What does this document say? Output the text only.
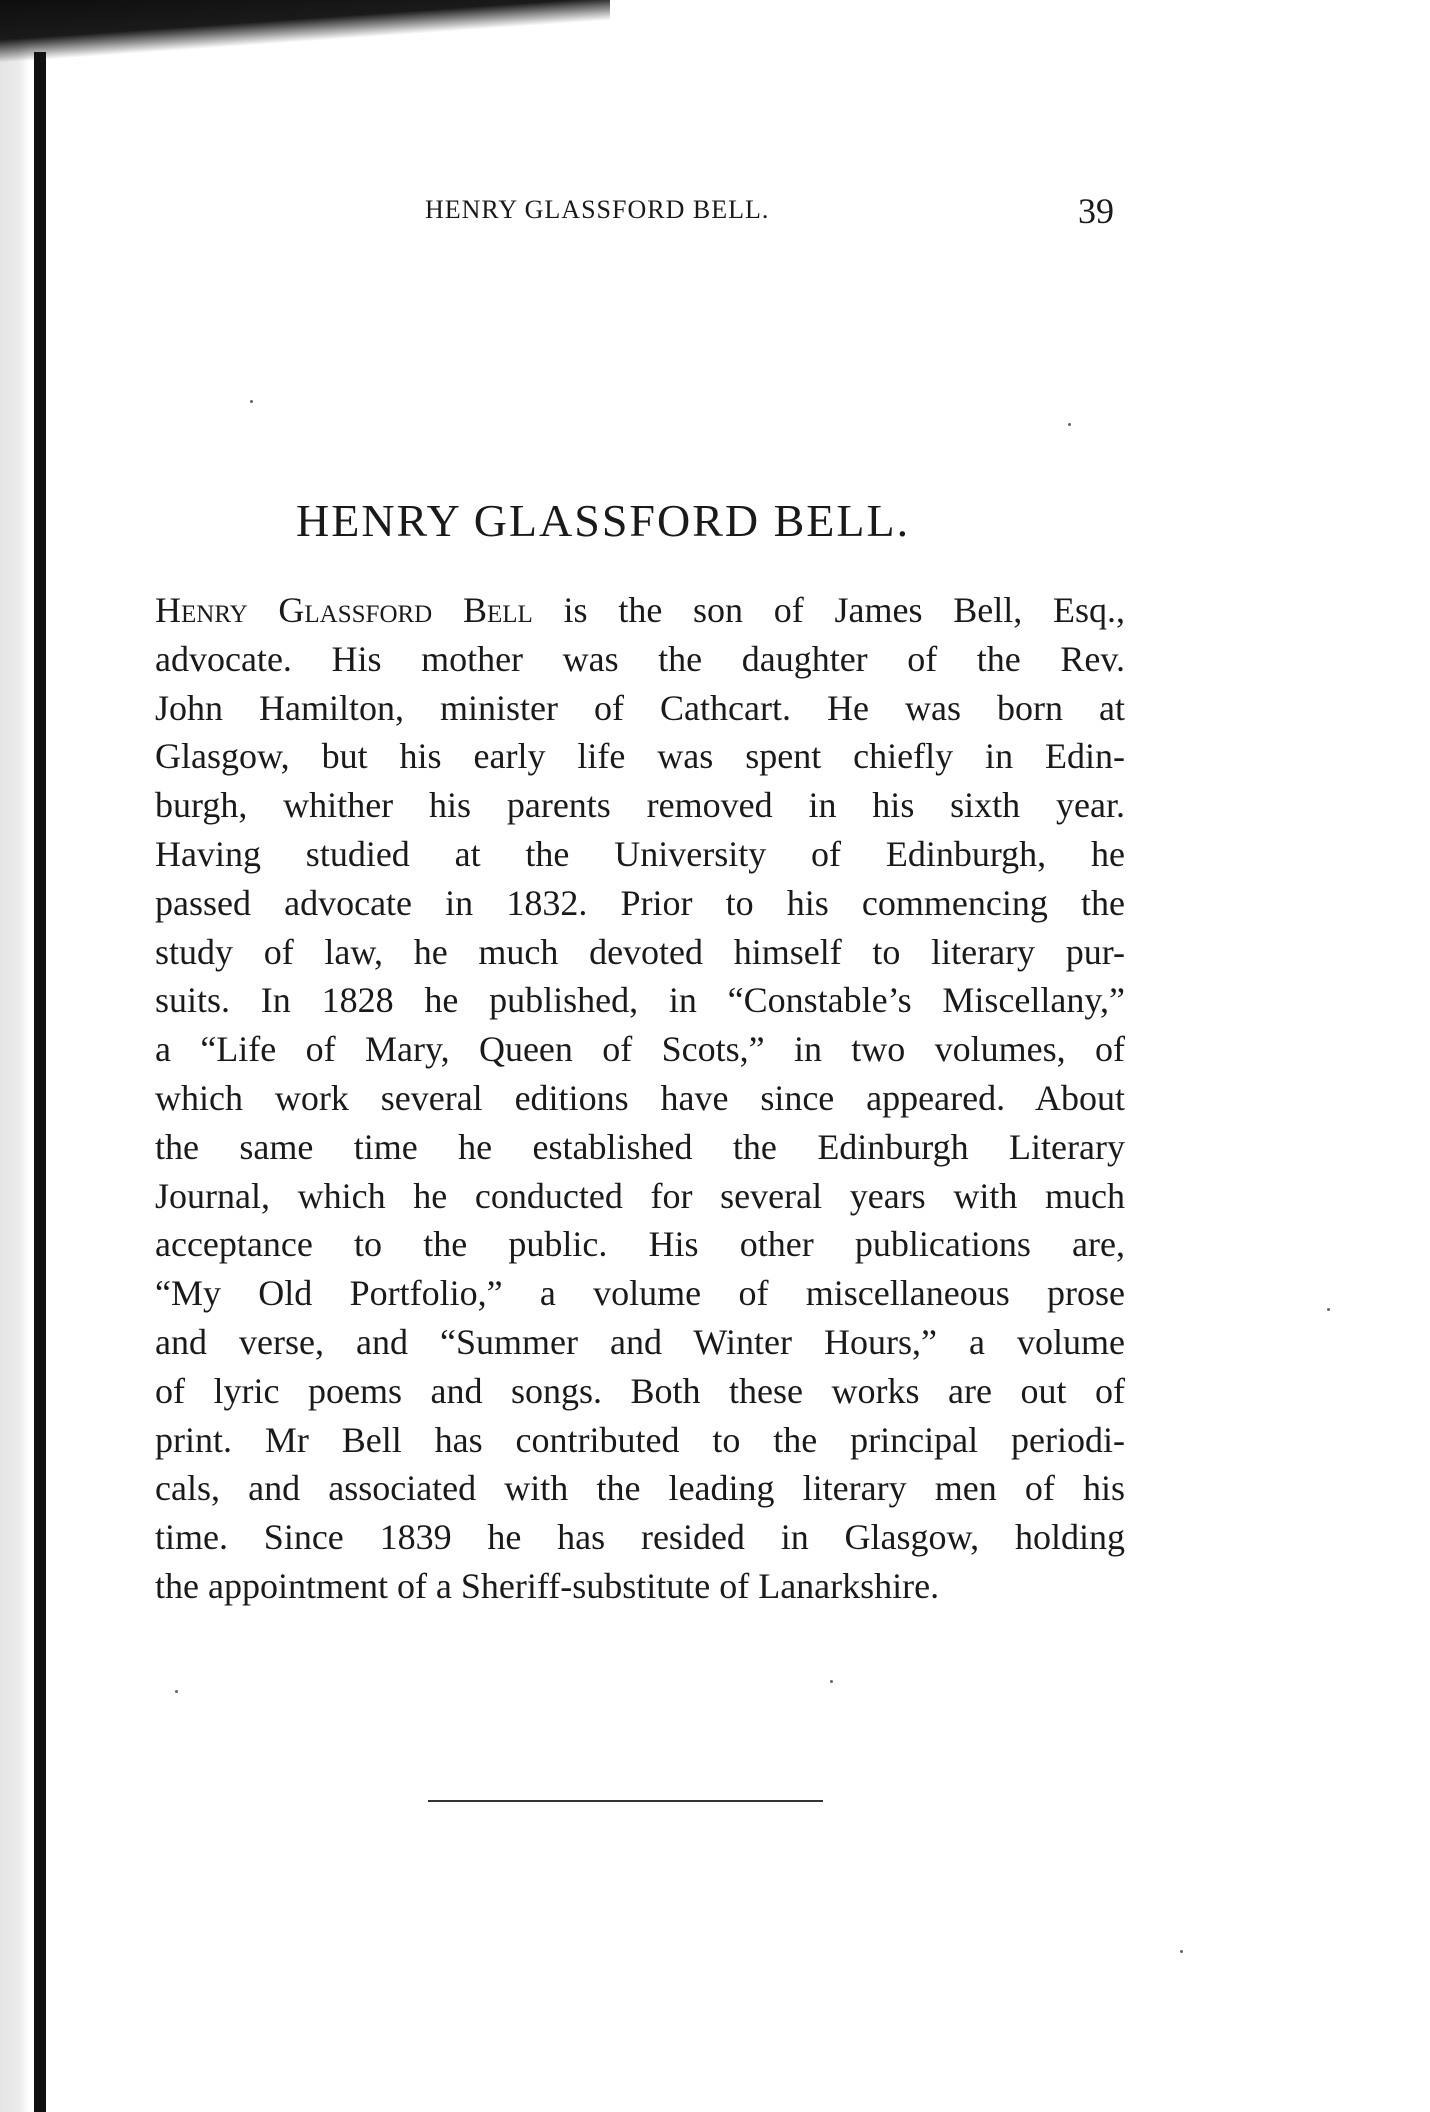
HENRY GLASSFORD BELL.	39
HENRY GLASSFORD BELL.
Henry Glassford Bell is the son of James Bell, Esq.,
advocate. His mother was the daughter of the Rev.
John Hamilton, minister of Cathcart. He was born at
Glasgow, but his early life was spent chiefly in Edin-
burgh, whither his parents removed in his sixth year.
Having studied at the University of Edinburgh, he
passed advocate in 1832. Prior to his commencing the
study of law, he much devoted himself to literary pur-
suits. In 1828 he published, in “Constable’s Miscellany,”
a “Life of Mary, Queen of Scots,” in two volumes, of
which work several editions have since appeared. About
the same time he established the Edinburgh Literary
Journal, which he conducted for several years with much
acceptance to the public. His other publications are,
“My Old Portfolio,” a volume of miscellaneous prose
and verse, and “Summer and Winter Hours,” a volume
of lyric poems and songs. Both these works are out of
print. Mr Bell has contributed to the principal periodi-
cals, and associated with the leading literary men of his
time. Since 1839 he has resided in Glasgow, holding
the appointment of a Sheriff-substitute of Lanarkshire.
